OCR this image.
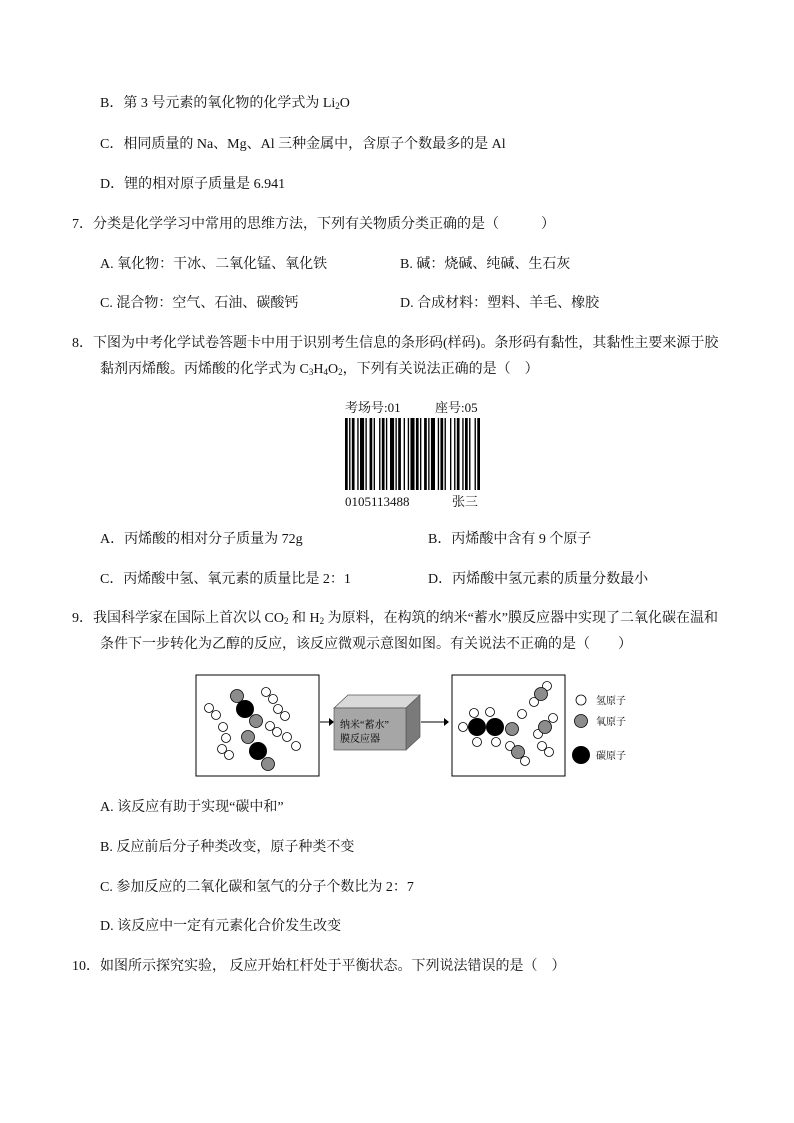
B．第 3 号元素的氧化物的化学式为 $Li_2O$
C．相同质量的 Na、Mg、Al 三种金属中，含原子个数最多的是 Al
D．锂的相对原子质量是 6.941
7．分类是化学学习中常用的思维方法，下列有关物质分类正确的是（　　　）
A. 氧化物：干冰、二氧化锰、氧化铁	B. 碱：烧碱、纯碱、生石灰
C. 混合物：空气、石油、碳酸钙	D. 合成材料：塑料、羊毛、橡胶
8．下图为中考化学试卷答题卡中用于识别考生信息的条形码(样码)。条形码有黏性，其黏性主要来源于胶
黏剂丙烯酸。丙烯酸的化学式为 $C_3H_4O_2$，下列有关说法正确的是（　）
考场号:01	座号:05
0105113488	张三
A．丙烯酸的相对分子质量为 72g	B．丙烯酸中含有 9 个原子
C．丙烯酸中氢、氧元素的质量比是 2：1	D．丙烯酸中氢元素的质量分数最小
9．我国科学家在国际上首次以 $CO_2$ 和 $H_2$ 为原料，在构筑的纳米“蓄水”膜反应器中实现了二氧化碳在温和
条件下一步转化为乙醇的反应，该反应微观示意图如图。有关说法不正确的是（　　）
纳米“蓄水”
膜反应器
氢原子
氧原子
碳原子
A. 该反应有助于实现“碳中和”
B. 反应前后分子种类改变，原子种类不变
C. 参加反应的二氧化碳和氢气的分子个数比为 2：7
D. 该反应中一定有元素化合价发生改变
10．如图所示探究实验， 反应开始杠杆处于平衡状态。下列说法错误的是（　）
